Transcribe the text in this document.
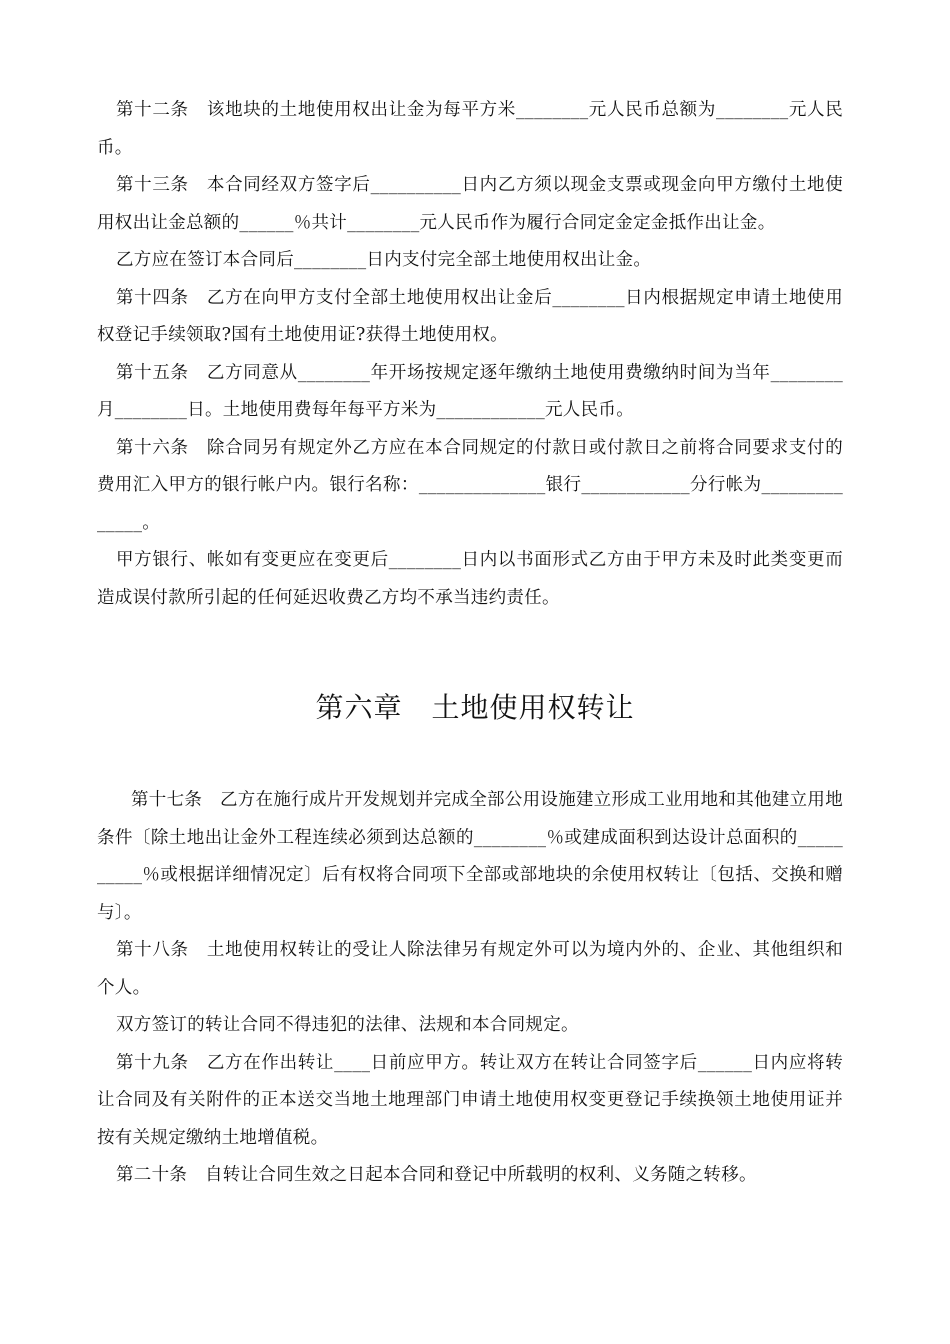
第十二条　该地块的土地使用权出让金为每平方米________元人民币总额为________元人民币。

第十三条　本合同经双方签字后__________日内乙方须以现金支票或现金向甲方缴付土地使用权出让金总额的______％共计________元人民币作为履行合同定金定金抵作出让金。

乙方应在签订本合同后________日内支付完全部土地使用权出让金。

第十四条　乙方在向甲方支付全部土地使用权出让金后________日内根据规定申请土地使用权登记手续领取?国有土地使用证?获得土地使用权。

第十五条　乙方同意从________年开场按规定逐年缴纳土地使用费缴纳时间为当年________月________日。土地使用费每年每平方米为____________元人民币。

第十六条　除合同另有规定外乙方应在本合同规定的付款日或付款日之前将合同要求支付的费用汇入甲方的银行帐户内。银行名称：______________银行____________分行帐为______________。

甲方银行、帐如有变更应在变更后________日内以书面形式乙方由于甲方未及时此类变更而造成误付款所引起的任何延迟收费乙方均不承当违约责任。

第六章　土地使用权转让

第十七条　乙方在施行成片开发规划并完成全部公用设施建立形成工业用地和其他建立用地条件〔除土地出让金外工程连续必须到达总额的________％或建成面积到达设计总面积的__________％或根据详细情况定〕后有权将合同项下全部或部地块的余使用权转让〔包括、交换和赠与〕。

第十八条　土地使用权转让的受让人除法律另有规定外可以为境内外的、企业、其他组织和个人。

双方签订的转让合同不得违犯的法律、法规和本合同规定。

第十九条　乙方在作出转让____日前应甲方。转让双方在转让合同签字后______日内应将转让合同及有关附件的正本送交当地土地理部门申请土地使用权变更登记手续换领土地使用证并按有关规定缴纳土地增值税。

第二十条　自转让合同生效之日起本合同和登记中所载明的权利、义务随之转移。
